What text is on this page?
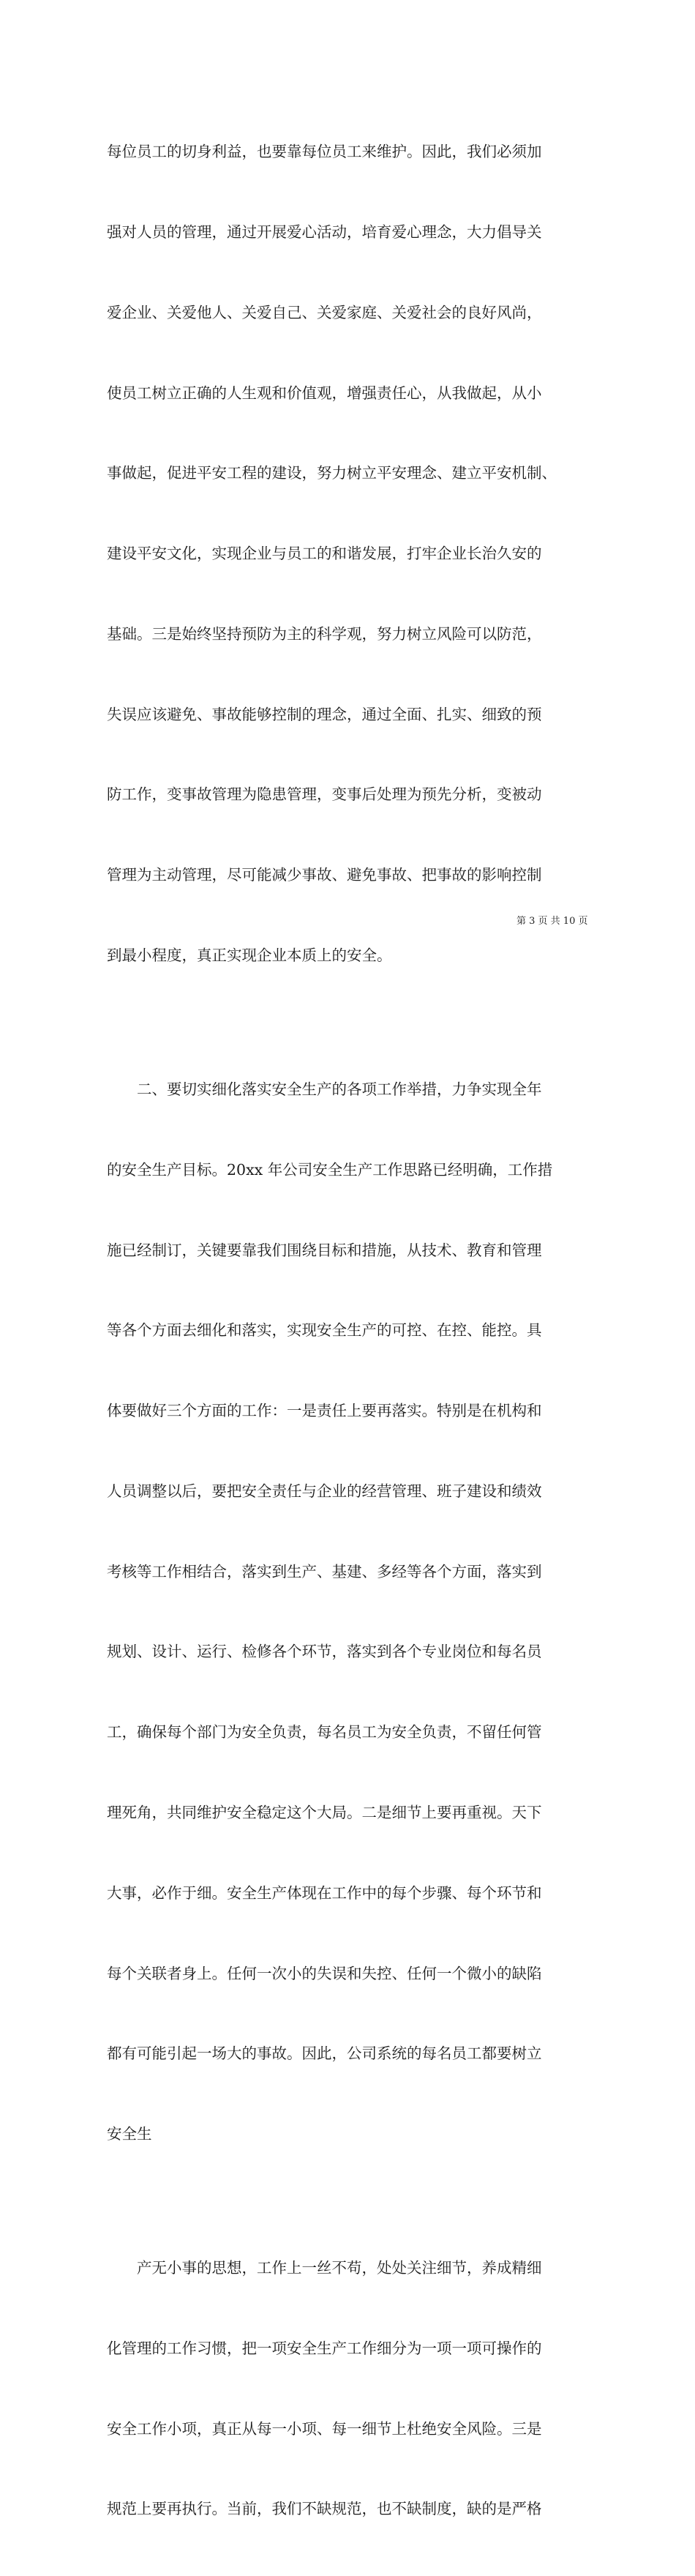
每位员工的切身利益，也要靠每位员工来维护。因此，我们必须加

强对人员的管理，通过开展爱心活动，培育爱心理念，大力倡导关

爱企业、关爱他人、关爱自己、关爱家庭、关爱社会的良好风尚，

使员工树立正确的人生观和价值观，增强责任心，从我做起，从小

事做起，促进平安工程的建设，努力树立平安理念、建立平安机制、

建设平安文化，实现企业与员工的和谐发展，打牢企业长治久安的

基础。三是始终坚持预防为主的科学观，努力树立风险可以防范，

失误应该避免、事故能够控制的理念，通过全面、扎实、细致的预

防工作，变事故管理为隐患管理，变事后处理为预先分析，变被动

管理为主动管理，尽可能减少事故、避免事故、把事故的影响控制

到最小程度，真正实现企业本质上的安全。

二、要切实细化落实安全生产的各项工作举措，力争实现全年

的安全生产目标。20xx 年公司安全生产工作思路已经明确，工作措

施已经制订，关键要靠我们围绕目标和措施，从技术、教育和管理

等各个方面去细化和落实，实现安全生产的可控、在控、能控。具

体要做好三个方面的工作：一是责任上要再落实。特别是在机构和

人员调整以后，要把安全责任与企业的经营管理、班子建设和绩效

考核等工作相结合，落实到生产、基建、多经等各个方面，落实到

规划、设计、运行、检修各个环节，落实到各个专业岗位和每名员

工，确保每个部门为安全负责，每名员工为安全负责，不留任何管

理死角，共同维护安全稳定这个大局。二是细节上要再重视。天下

大事，必作于细。安全生产体现在工作中的每个步骤、每个环节和

每个关联者身上。任何一次小的失误和失控、任何一个微小的缺陷

都有可能引起一场大的事故。因此，公司系统的每名员工都要树立

安全生

产无小事的思想，工作上一丝不苟，处处关注细节，养成精细

化管理的工作习惯，把一项安全生产工作细分为一项一项可操作的

安全工作小项，真正从每一小项、每一细节上杜绝安全风险。三是

规范上要再执行。当前，我们不缺规范，也不缺制度，缺的是严格

第 3 页 共 10 页
